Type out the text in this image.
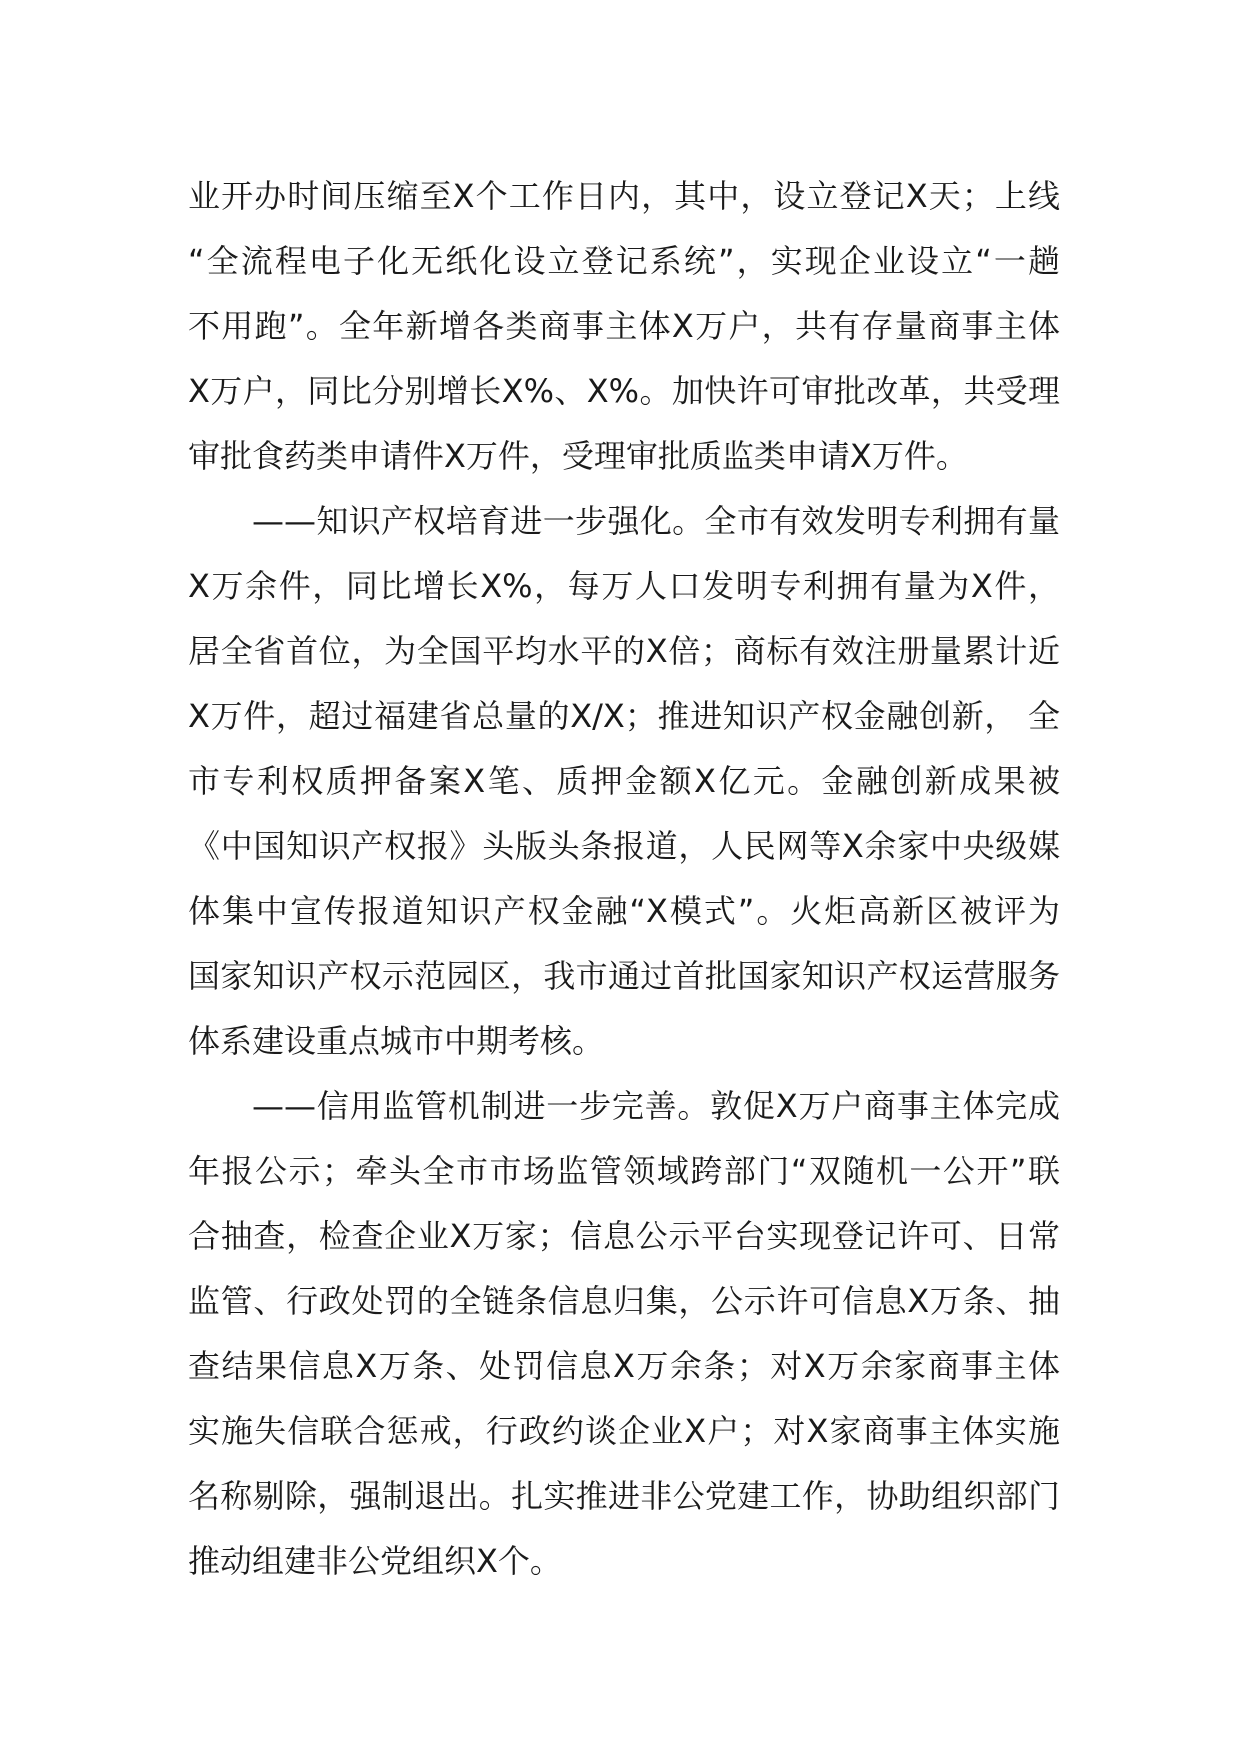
业开办时间压缩至X个工作日内，其中，设立登记X天；上线
“全流程电子化无纸化设立登记系统”，实现企业设立“一趟
不用跑”。全年新增各类商事主体X万户，共有存量商事主体
X万户，同比分别增长X%、X%。加快许可审批改革，共受理
审批食药类申请件X万件，受理审批质监类申请X万件。
——知识产权培育进一步强化。全市有效发明专利拥有量
X万余件，同比增长X%，每万人口发明专利拥有量为X件，
居全省首位，为全国平均水平的X倍；商标有效注册量累计近
X万件，超过福建省总量的X/X；推进知识产权金融创新， 全
市专利权质押备案X笔、质押金额X亿元。金融创新成果被
《中国知识产权报》头版头条报道，人民网等X余家中央级媒
体集中宣传报道知识产权金融“X模式”。火炬高新区被评为
国家知识产权示范园区，我市通过首批国家知识产权运营服务
体系建设重点城市中期考核。
——信用监管机制进一步完善。敦促X万户商事主体完成
年报公示；牵头全市市场监管领域跨部门“双随机一公开”联
合抽查，检查企业X万家；信息公示平台实现登记许可、日常
监管、行政处罚的全链条信息归集，公示许可信息X万条、抽
查结果信息X万条、处罚信息X万余条；对X万余家商事主体
实施失信联合惩戒，行政约谈企业X户；对X家商事主体实施
名称剔除，强制退出。扎实推进非公党建工作，协助组织部门
推动组建非公党组织X个。
